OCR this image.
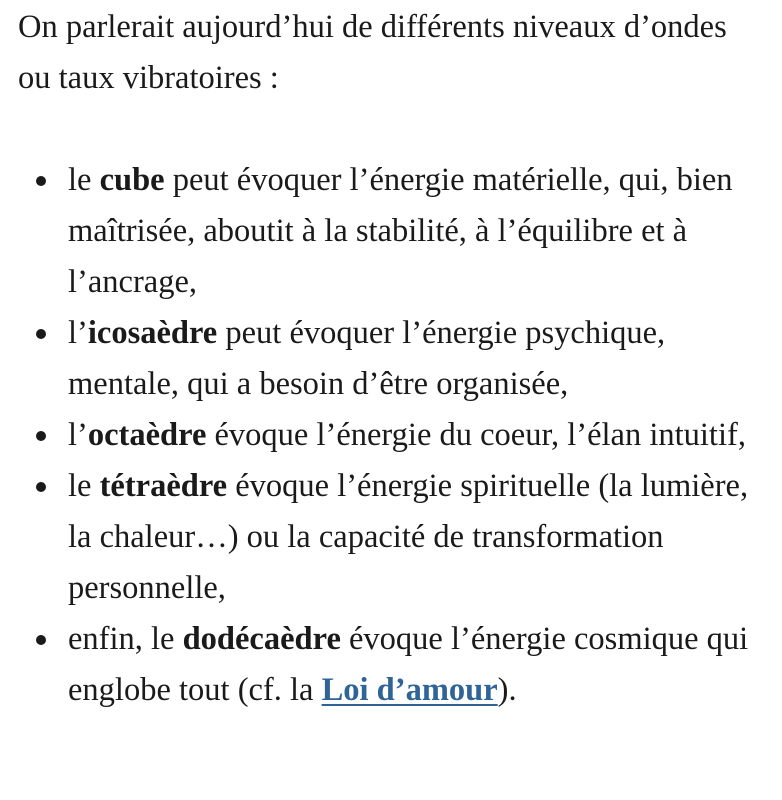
On parlerait aujourd’hui de différents niveaux d’ondes ou taux vibratoires :

le cube peut évoquer l’énergie matérielle, qui, bien maîtrisée, aboutit à la stabilité, à l’équilibre et à l’ancrage,
l’icosaèdre peut évoquer l’énergie psychique, mentale, qui a besoin d’être organisée,
l’octaèdre évoque l’énergie du coeur, l’élan intuitif,
le tétraèdre évoque l’énergie spirituelle (la lumière, la chaleur…) ou la capacité de transformation personnelle,
enfin, le dodécaèdre évoque l’énergie cosmique qui englobe tout (cf. la Loi d’amour).
